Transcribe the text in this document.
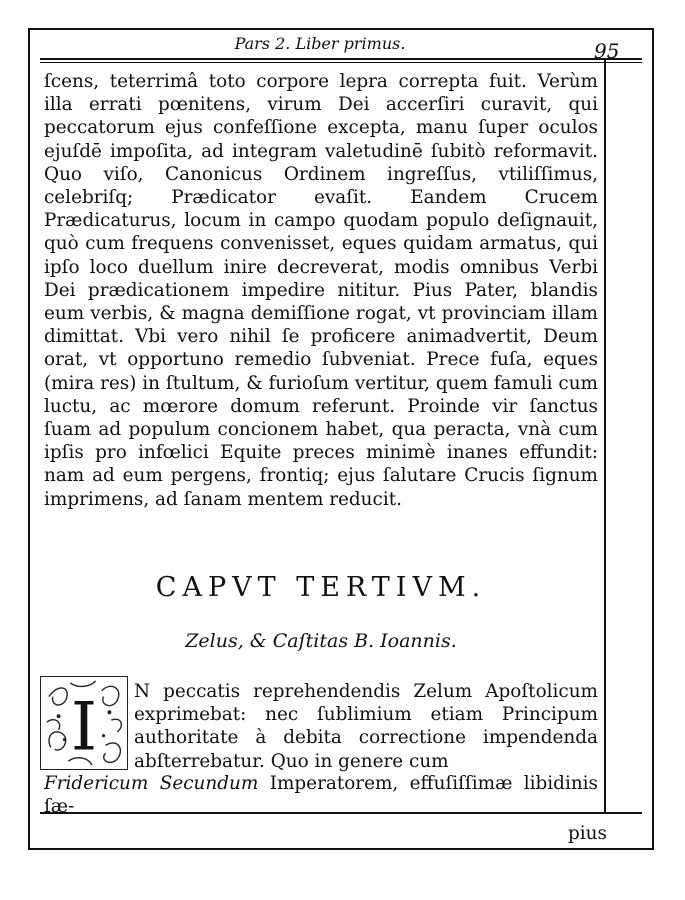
Pars 2. Liber primus.	95

ſcens, teterrimâ toto corpore lepra correpta fuit. Verùm illa errati pœnitens, virum Dei accerſiri curavit, qui peccatorum ejus confeſſione excepta, manu ſuper oculos ejuſdē impoſita, ad integram valetudinē ſubitò reformavit. Quo viſo, Canonicus Ordinem ingreſſus, vtiliſſimus, celebriſq; Prædicator evaſit. Eandem Crucem Prædicaturus, locum in campo quodam populo deſignauit, quò cum frequens convenisset, eques quidam armatus, qui ipſo loco duellum inire decreverat, modis omnibus Verbi Dei prædicationem impedire nititur. Pius Pater, blandis eum verbis, & magna demiſſione rogat, vt provinciam illam dimittat. Vbi vero nihil ſe proficere animadvertit, Deum orat, vt opportuno remedio ſubveniat. Prece fuſa, eques (mira res) in ſtultum, & furioſum vertitur, quem famuli cum luctu, ac mœrore domum referunt. Proinde vir ſanctus ſuam ad populum concionem habet, qua peracta, vnà cum ipſis pro infœlici Equite preces minimè inanes effundit: nam ad eum pergens, frontiq; ejus ſalutare Crucis ſignum imprimens, ad ſanam mentem reducit.

CAPVT TERTIVM.
Zelus, & Caſtitas B. Ioannis.
I N peccatis reprehendendis Zelum Apoſtolicum exprimebat: nec ſublimium etiam Principum authoritate à debita correctione impendenda abſterrebatur. Quo in genere cum

Fridericum Secundum Imperatorem, effuſiſſimæ libidinis ſæ-

pius
